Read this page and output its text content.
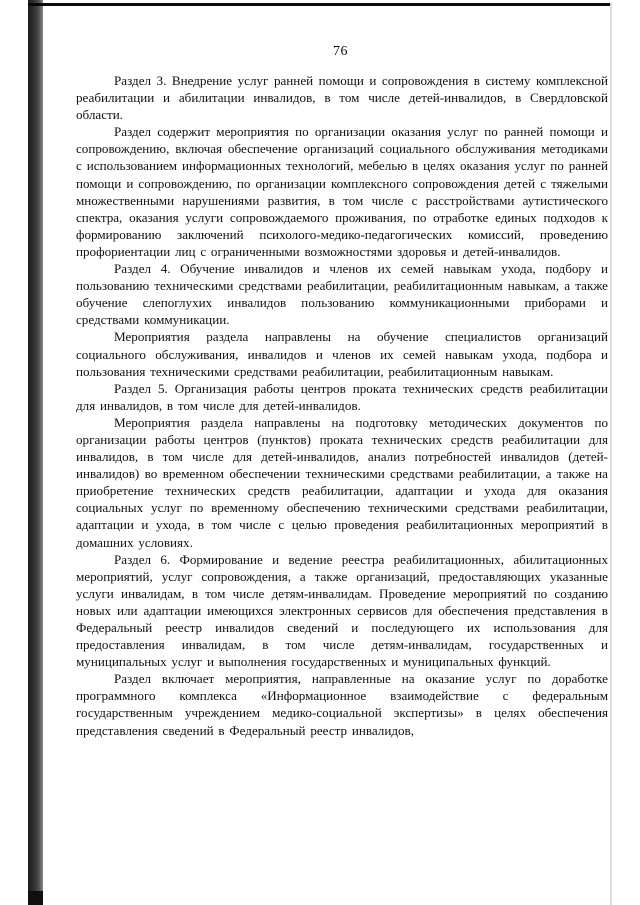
76

Раздел 3. Внедрение услуг ранней помощи и сопровождения в систему комплексной реабилитации и абилитации инвалидов, в том числе детей-инвалидов, в Свердловской области.

Раздел содержит мероприятия по организации оказания услуг по ранней помощи и сопровождению, включая обеспечение организаций социального обслуживания методиками с использованием информационных технологий, мебелью в целях оказания услуг по ранней помощи и сопровождению, по организации комплексного сопровождения детей с тяжелыми множественными нарушениями развития, в том числе с расстройствами аутистического спектра, оказания услуги сопровождаемого проживания, по отработке единых подходов к формированию заключений психолого-медико-педагогических комиссий, проведению профориентации лиц с ограниченными возможностями здоровья и детей-инвалидов.

Раздел 4. Обучение инвалидов и членов их семей навыкам ухода, подбору и пользованию техническими средствами реабилитации, реабилитационным навыкам, а также обучение слепоглухих инвалидов пользованию коммуникационными приборами и средствами коммуникации.

Мероприятия раздела направлены на обучение специалистов организаций социального обслуживания, инвалидов и членов их семей навыкам ухода, подбора и пользования техническими средствами реабилитации, реабилитационным навыкам.

Раздел 5. Организация работы центров проката технических средств реабилитации для инвалидов, в том числе для детей-инвалидов.

Мероприятия раздела направлены на подготовку методических документов по организации работы центров (пунктов) проката технических средств реабилитации для инвалидов, в том числе для детей-инвалидов, анализ потребностей инвалидов (детей-инвалидов) во временном обеспечении техническими средствами реабилитации, а также на приобретение технических средств реабилитации, адаптации и ухода для оказания социальных услуг по временному обеспечению техническими средствами реабилитации, адаптации и ухода, в том числе с целью проведения реабилитационных мероприятий в домашних условиях.

Раздел 6. Формирование и ведение реестра реабилитационных, абилитационных мероприятий, услуг сопровождения, а также организаций, предоставляющих указанные услуги инвалидам, в том числе детям-инвалидам. Проведение мероприятий по созданию новых или адаптации имеющихся электронных сервисов для обеспечения представления в Федеральный реестр инвалидов сведений и последующего их использования для предоставления инвалидам, в том числе детям-инвалидам, государственных и муниципальных услуг и выполнения государственных и муниципальных функций.

Раздел включает мероприятия, направленные на оказание услуг по доработке программного комплекса «Информационное взаимодействие с федеральным государственным учреждением медико-социальной экспертизы» в целях обеспечения представления сведений в Федеральный реестр инвалидов,
